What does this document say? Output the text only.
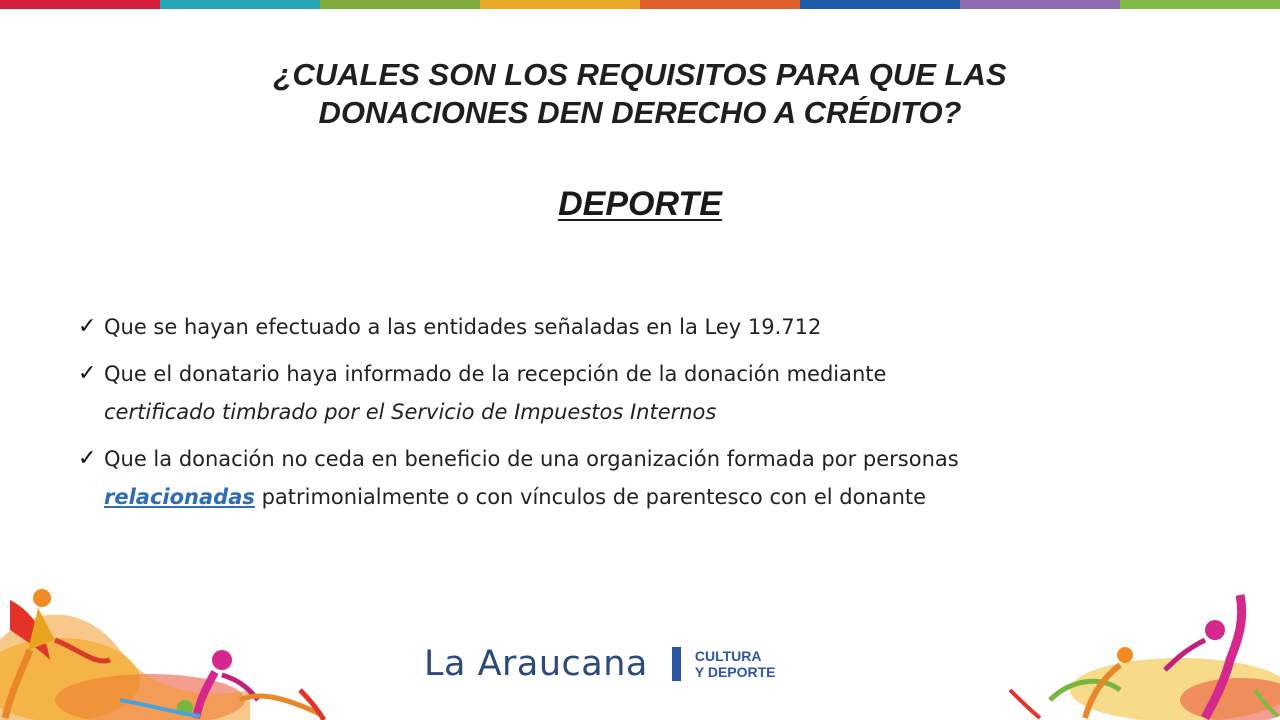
¿CUALES SON LOS REQUISITOS PARA QUE LAS
DONACIONES DEN DERECHO A CRÉDITO?
DEPORTE
✓ Que se hayan efectuado a las entidades señaladas en la Ley 19.712
✓ Que el donatario haya informado de la recepción de la donación mediante
certificado timbrado por el Servicio de Impuestos Internos
✓ Que la donación no ceda en beneficio de una organización formada por personas
relacionadas patrimonialmente o con vínculos de parentesco con el donante
La Araucana	CULTURA
Y DEPORTE
